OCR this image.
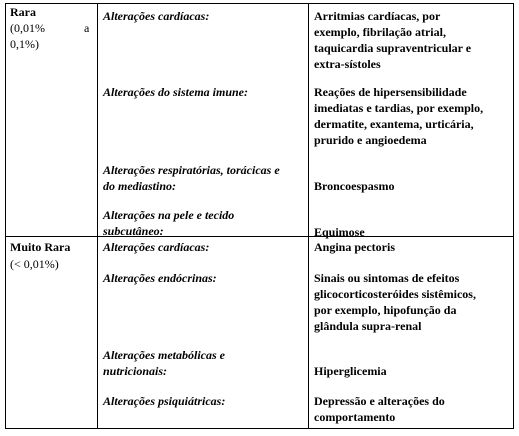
Rara
(0,01%	a
0,1%)
Alterações cardíacas:	Arritmias cardíacas, por
exemplo, fibrilação atrial,
taquicardia supraventricular e
extra-sístoles
Alterações do sistema imune:	Reações de hipersensibilidade
imediatas e tardias, por exemplo,
dermatite, exantema, urticária,
prurido e angioedema
Alterações respiratórias, torácicas e
do mediastino:	Broncoespasmo
Alterações na pele e tecido
subcutâneo:	Equimose
Muito Rara
(< 0,01%)
Alterações cardíacas:	Angina pectoris
Alterações endócrinas:	Sinais ou sintomas de efeitos
glicocorticosteróides sistêmicos,
por exemplo, hipofunção da
glândula supra-renal
Alterações metabólicas e
nutricionais:	Hiperglicemia
Alterações psiquiátricas:	Depressão e alterações do
comportamento
